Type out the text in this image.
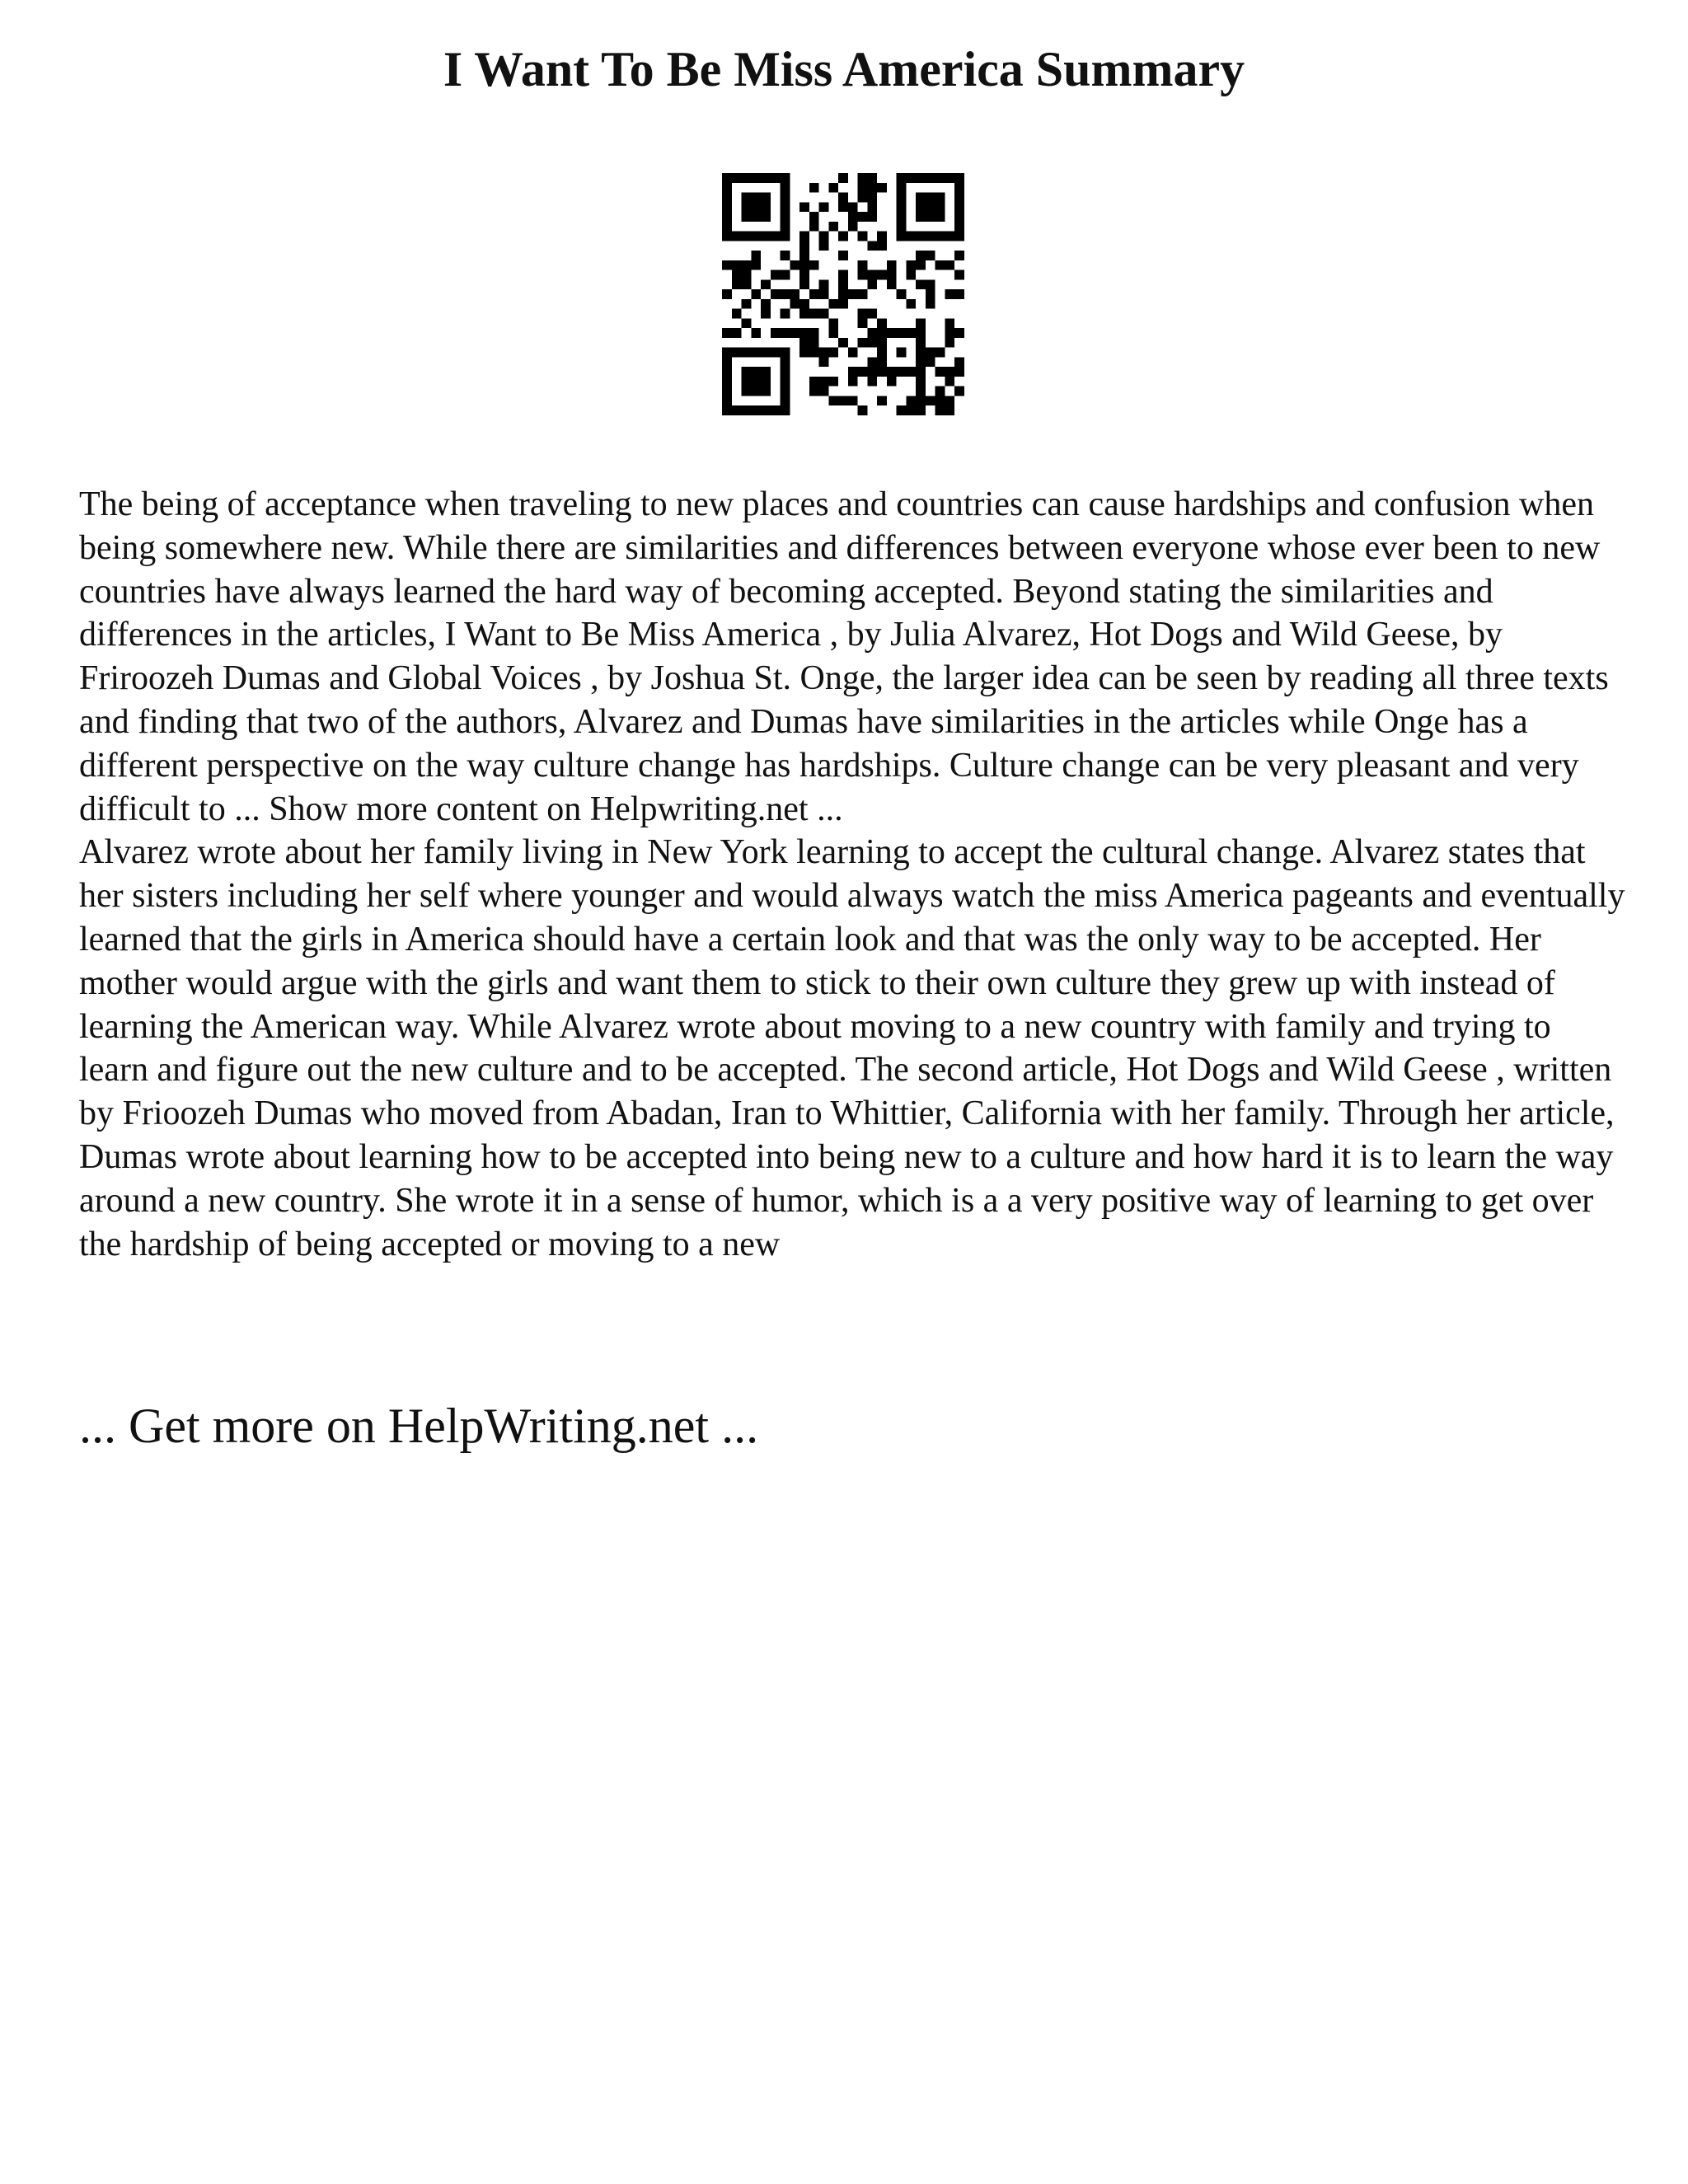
I Want To Be Miss America Summary

The being of acceptance when traveling to new places and countries can cause hardships and confusion when being somewhere new. While there are similarities and differences between everyone whose ever been to new countries have always learned the hard way of becoming accepted. Beyond stating the similarities and differences in the articles, I Want to Be Miss America , by Julia Alvarez, Hot Dogs and Wild Geese, by Friroozeh Dumas and Global Voices , by Joshua St. Onge, the larger idea can be seen by reading all three texts and finding that two of the authors, Alvarez and Dumas have similarities in the articles while Onge has a different perspective on the way culture change has hardships. Culture change can be very pleasant and very difficult to ... Show more content on Helpwriting.net ...

Alvarez wrote about her family living in New York learning to accept the cultural change. Alvarez states that her sisters including her self where younger and would always watch the miss America pageants and eventually learned that the girls in America should have a certain look and that was the only way to be accepted. Her mother would argue with the girls and want them to stick to their own culture they grew up with instead of learning the American way. While Alvarez wrote about moving to a new country with family and trying to learn and figure out the new culture and to be accepted. The second article, Hot Dogs and Wild Geese , written by Frioozeh Dumas who moved from Abadan, Iran to Whittier, California with her family. Through her article, Dumas wrote about learning how to be accepted into being new to a culture and how hard it is to learn the way around a new country. She wrote it in a sense of humor, which is a a very positive way of learning to get over the hardship of being accepted or moving to a new

... Get more on HelpWriting.net ...
